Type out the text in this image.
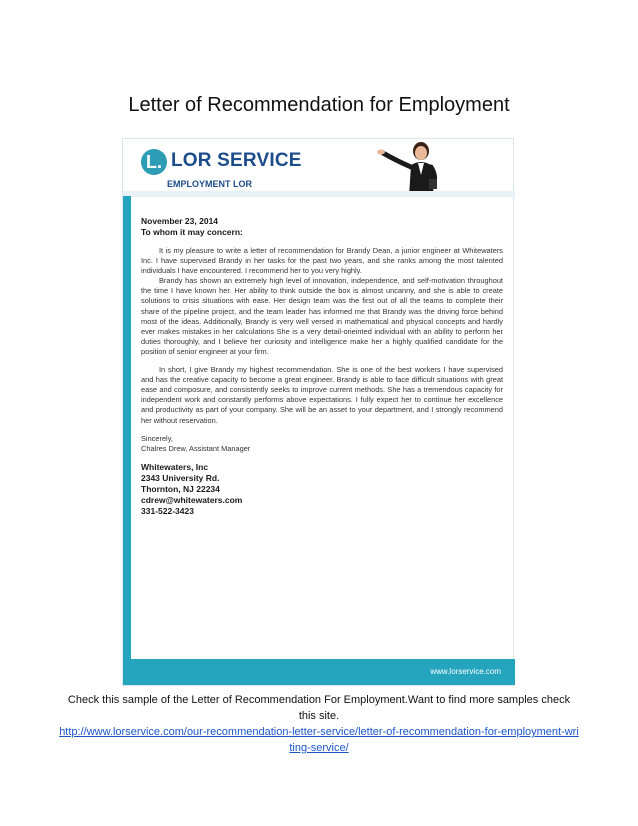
Letter of Recommendation for Employment
L. LOR SERVICE
EMPLOYMENT LOR
November 23, 2014
To whom it may concern:

It is my pleasure to write a letter of recommendation for Brandy Dean, a junior engineer at Whitewaters Inc. I have supervised Brandy in her tasks for the past two years, and she ranks among the most talented individuals I have encountered. I recommend her to you very highly.

Brandy has shown an extremely high level of innovation, independence, and self-motivation throughout the time I have known her. Her ability to think outside the box is almost uncanny, and she is able to create solutions to crisis situations with ease. Her design team was the first out of all the teams to complete their share of the pipeline project, and the team leader has informed me that Brandy was the driving force behind most of the ideas. Additionally, Brandy is very well versed in mathematical and physical concepts and hardly ever makes mistakes in her calculations She is a very detail-orieinted individual with an ability to perform her duties thoroughly, and I believe her curiosity and intelligence make her a highly qualified candidate for the position of senior engineer at your firm.

In short, I give Brandy my highest recommendation. She is one of the best workers I have supervised and has the creative capacity to become a great engineer. Brandy is able to face difficult situations with great ease and composure, and consistently seeks to improve current methods. She has a tremendous capacity for independent work and constantly performs above expectations. I fully expect her to continue her excellence and productivity as part of your company. She will be an asset to your department, and I strongly recommend her without reservation.

Sincerely,
Chalres Drew, Assistant Manager
Whitewaters, Inc
2343 University Rd.
Thornton, NJ 22234
cdrew@whitewaters.com
331-522-3423
www.lorservice.com
Check this sample of the Letter of Recommendation For Employment.Want to find more samples check this site.
http://www.lorservice.com/our-recommendation-letter-service/letter-of-recommendation-for-employment-writing-service/
